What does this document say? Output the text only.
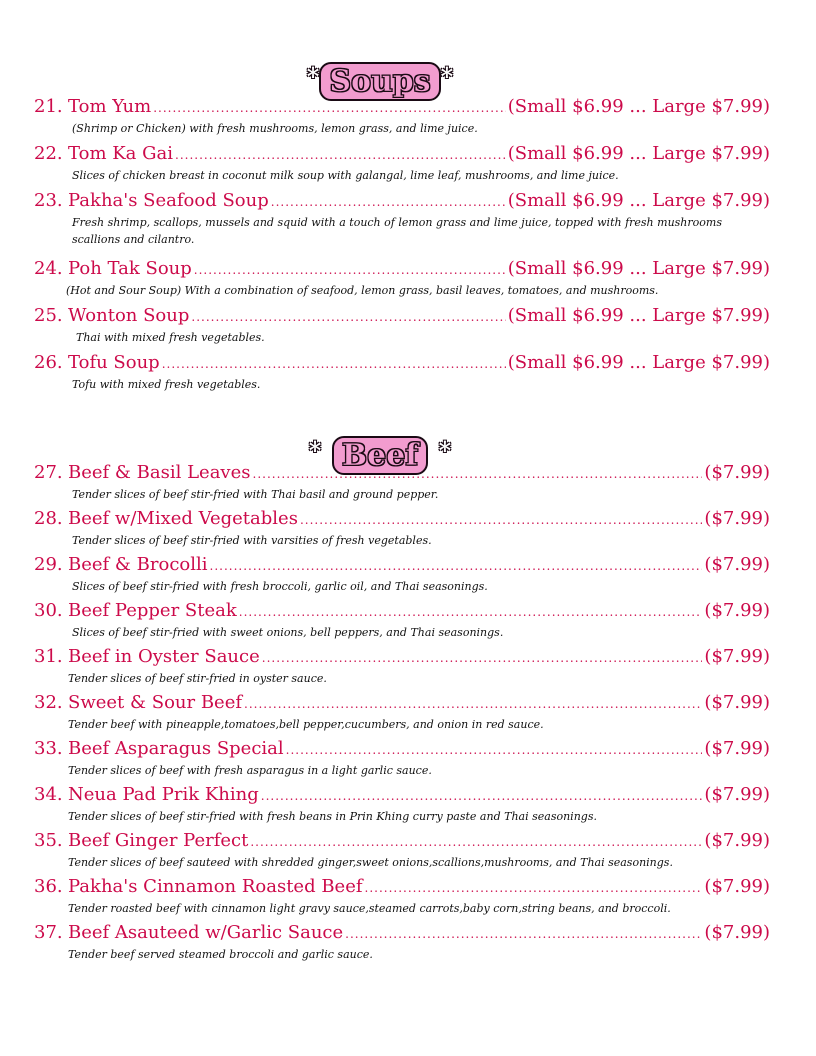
* Soups *
21. Tom Yum .....	(Small $6.99 ... Large $7.99)
(Shrimp or Chicken) with fresh mushrooms, lemon grass, and lime juice.
22. Tom Ka Gai .....	(Small $6.99 ... Large $7.99)
Slices of chicken breast in coconut milk soup with galangal, lime leaf, mushrooms, and lime juice.
23. Pakha's Seafood Soup .....	(Small $6.99 ... Large $7.99)
Fresh shrimp, scallops, mussels and squid with a touch of lemon grass and lime juice, topped with fresh mushrooms scallions and cilantro.
24. Poh Tak Soup .....	(Small $6.99 ... Large $7.99)
(Hot and Sour Soup) With a combination of seafood, lemon grass, basil leaves, tomatoes, and mushrooms.
25. Wonton Soup .....	(Small $6.99 ... Large $7.99)
Thai with mixed fresh vegetables.
26. Tofu Soup .....	(Small $6.99 ... Large $7.99)
Tofu with mixed fresh vegetables.
* Beef *
27. Beef & Basil Leaves .....	($7.99)
Tender slices of beef stir-fried with Thai basil and ground pepper.
28. Beef w/Mixed Vegetables .....	($7.99)
Tender slices of beef stir-fried with varsities of fresh vegetables.
29. Beef & Brocolli .....	($7.99)
Slices of beef stir-fried with fresh broccoli, garlic oil, and Thai seasonings.
30. Beef Pepper Steak .....	($7.99)
Slices of beef stir-fried with sweet onions, bell peppers, and Thai seasonings.
31. Beef in Oyster Sauce .....	($7.99)
Tender slices of beef stir-fried in oyster sauce.
32. Sweet & Sour Beef .....	($7.99)
Tender beef with pineapple,tomatoes,bell pepper,cucumbers, and onion in red sauce.
33. Beef Asparagus Special .....	($7.99)
Tender slices of beef with fresh asparagus in a light garlic sauce.
34. Neua Pad Prik Khing .....	($7.99)
Tender slices of beef stir-fried with fresh beans in Prin Khing curry paste and Thai seasonings.
35. Beef Ginger Perfect .....	($7.99)
Tender slices of beef sauteed with shredded ginger,sweet onions,scallions,mushrooms, and Thai seasonings.
36. Pakha's Cinnamon Roasted Beef .....	($7.99)
Tender roasted beef with cinnamon light gravy sauce,steamed carrots,baby corn,string beans, and broccoli.
37. Beef Asauteed w/Garlic Sauce .....	($7.99)
Tender beef served steamed broccoli and garlic sauce.
